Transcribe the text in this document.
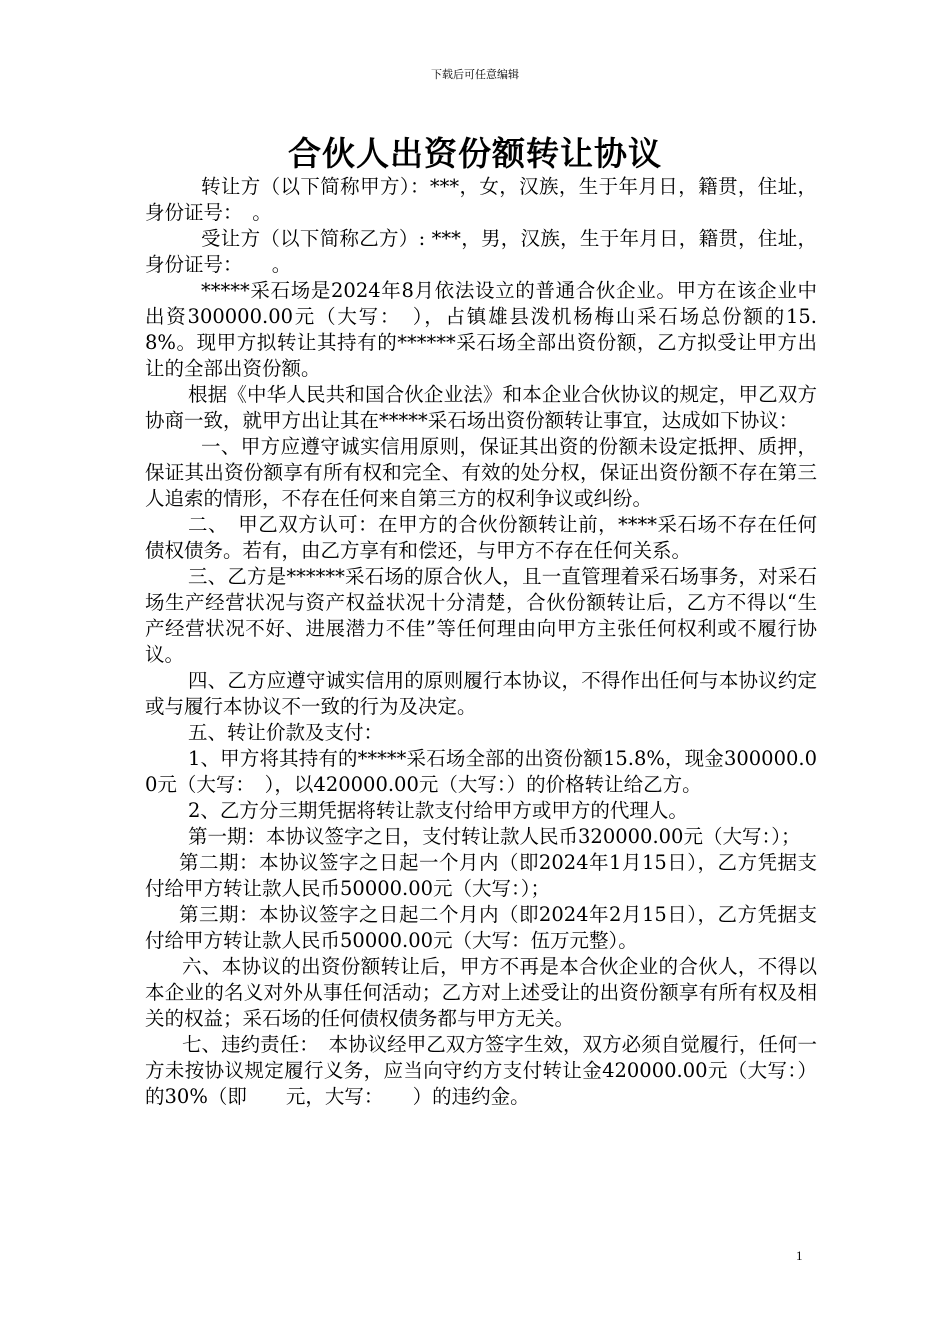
下载后可任意编辑
合伙人出资份额转让协议

转让方（以下简称甲方）：***，女，汉族，生于年月日，籍贯，住址，身份证号：　。

受让方（以下简称乙方）: ***，男，汉族，生于年月日，籍贯，住址，身份证号：　　。

*****采石场是2024年8月依法设立的普通合伙企业。甲方在该企业中出资300000.00元（大写：　），占镇雄县泼机杨梅山采石场总份额的15.8%。现甲方拟转让其持有的******采石场全部出资份额，乙方拟受让甲方出让的全部出资份额。

根据《中华人民共和国合伙企业法》和本企业合伙协议的规定，甲乙双方协商一致，就甲方出让其在*****采石场出资份额转让事宜，达成如下协议：

一、甲方应遵守诚实信用原则，保证其出资的份额未设定抵押、质押，保证其出资份额享有所有权和完全、有效的处分权，保证出资份额不存在第三人追索的情形，不存在任何来自第三方的权利争议或纠纷。

二、　甲乙双方认可：在甲方的合伙份额转让前，****采石场不存在任何债权债务。若有，由乙方享有和偿还，与甲方不存在任何关系。

三、乙方是******采石场的原合伙人，且一直管理着采石场事务，对采石场生产经营状况与资产权益状况十分清楚，合伙份额转让后，乙方不得以“生产经营状况不好、进展潜力不佳”等任何理由向甲方主张任何权利或不履行协议。

四、乙方应遵守诚实信用的原则履行本协议，不得作出任何与本协议约定或与履行本协议不一致的行为及决定。

五、转让价款及支付：

1、甲方将其持有的*****采石场全部的出资份额15.8%，现金300000.00元（大写：　），以420000.00元（大写：）的价格转让给乙方。

2、乙方分三期凭据将转让款支付给甲方或甲方的代理人。

第一期：本协议签字之日，支付转让款人民币320000.00元（大写：）；

第二期：本协议签字之日起一个月内（即2024年1月15日），乙方凭据支付给甲方转让款人民币50000.00元（大写：）；

第三期：本协议签字之日起二个月内（即2024年2月15日），乙方凭据支付给甲方转让款人民币50000.00元（大写：伍万元整）。

六、本协议的出资份额转让后，甲方不再是本合伙企业的合伙人，不得以本企业的名义对外从事任何活动；乙方对上述受让的出资份额享有所有权及相关的权益；采石场的任何债权债务都与甲方无关。

七、违约责任：　本协议经甲乙双方签字生效，双方必须自觉履行，任何一方未按协议规定履行义务，应当向守约方支付转让金420000.00元（大写：）的30%（即　　元，大写：　　）的违约金。

1
